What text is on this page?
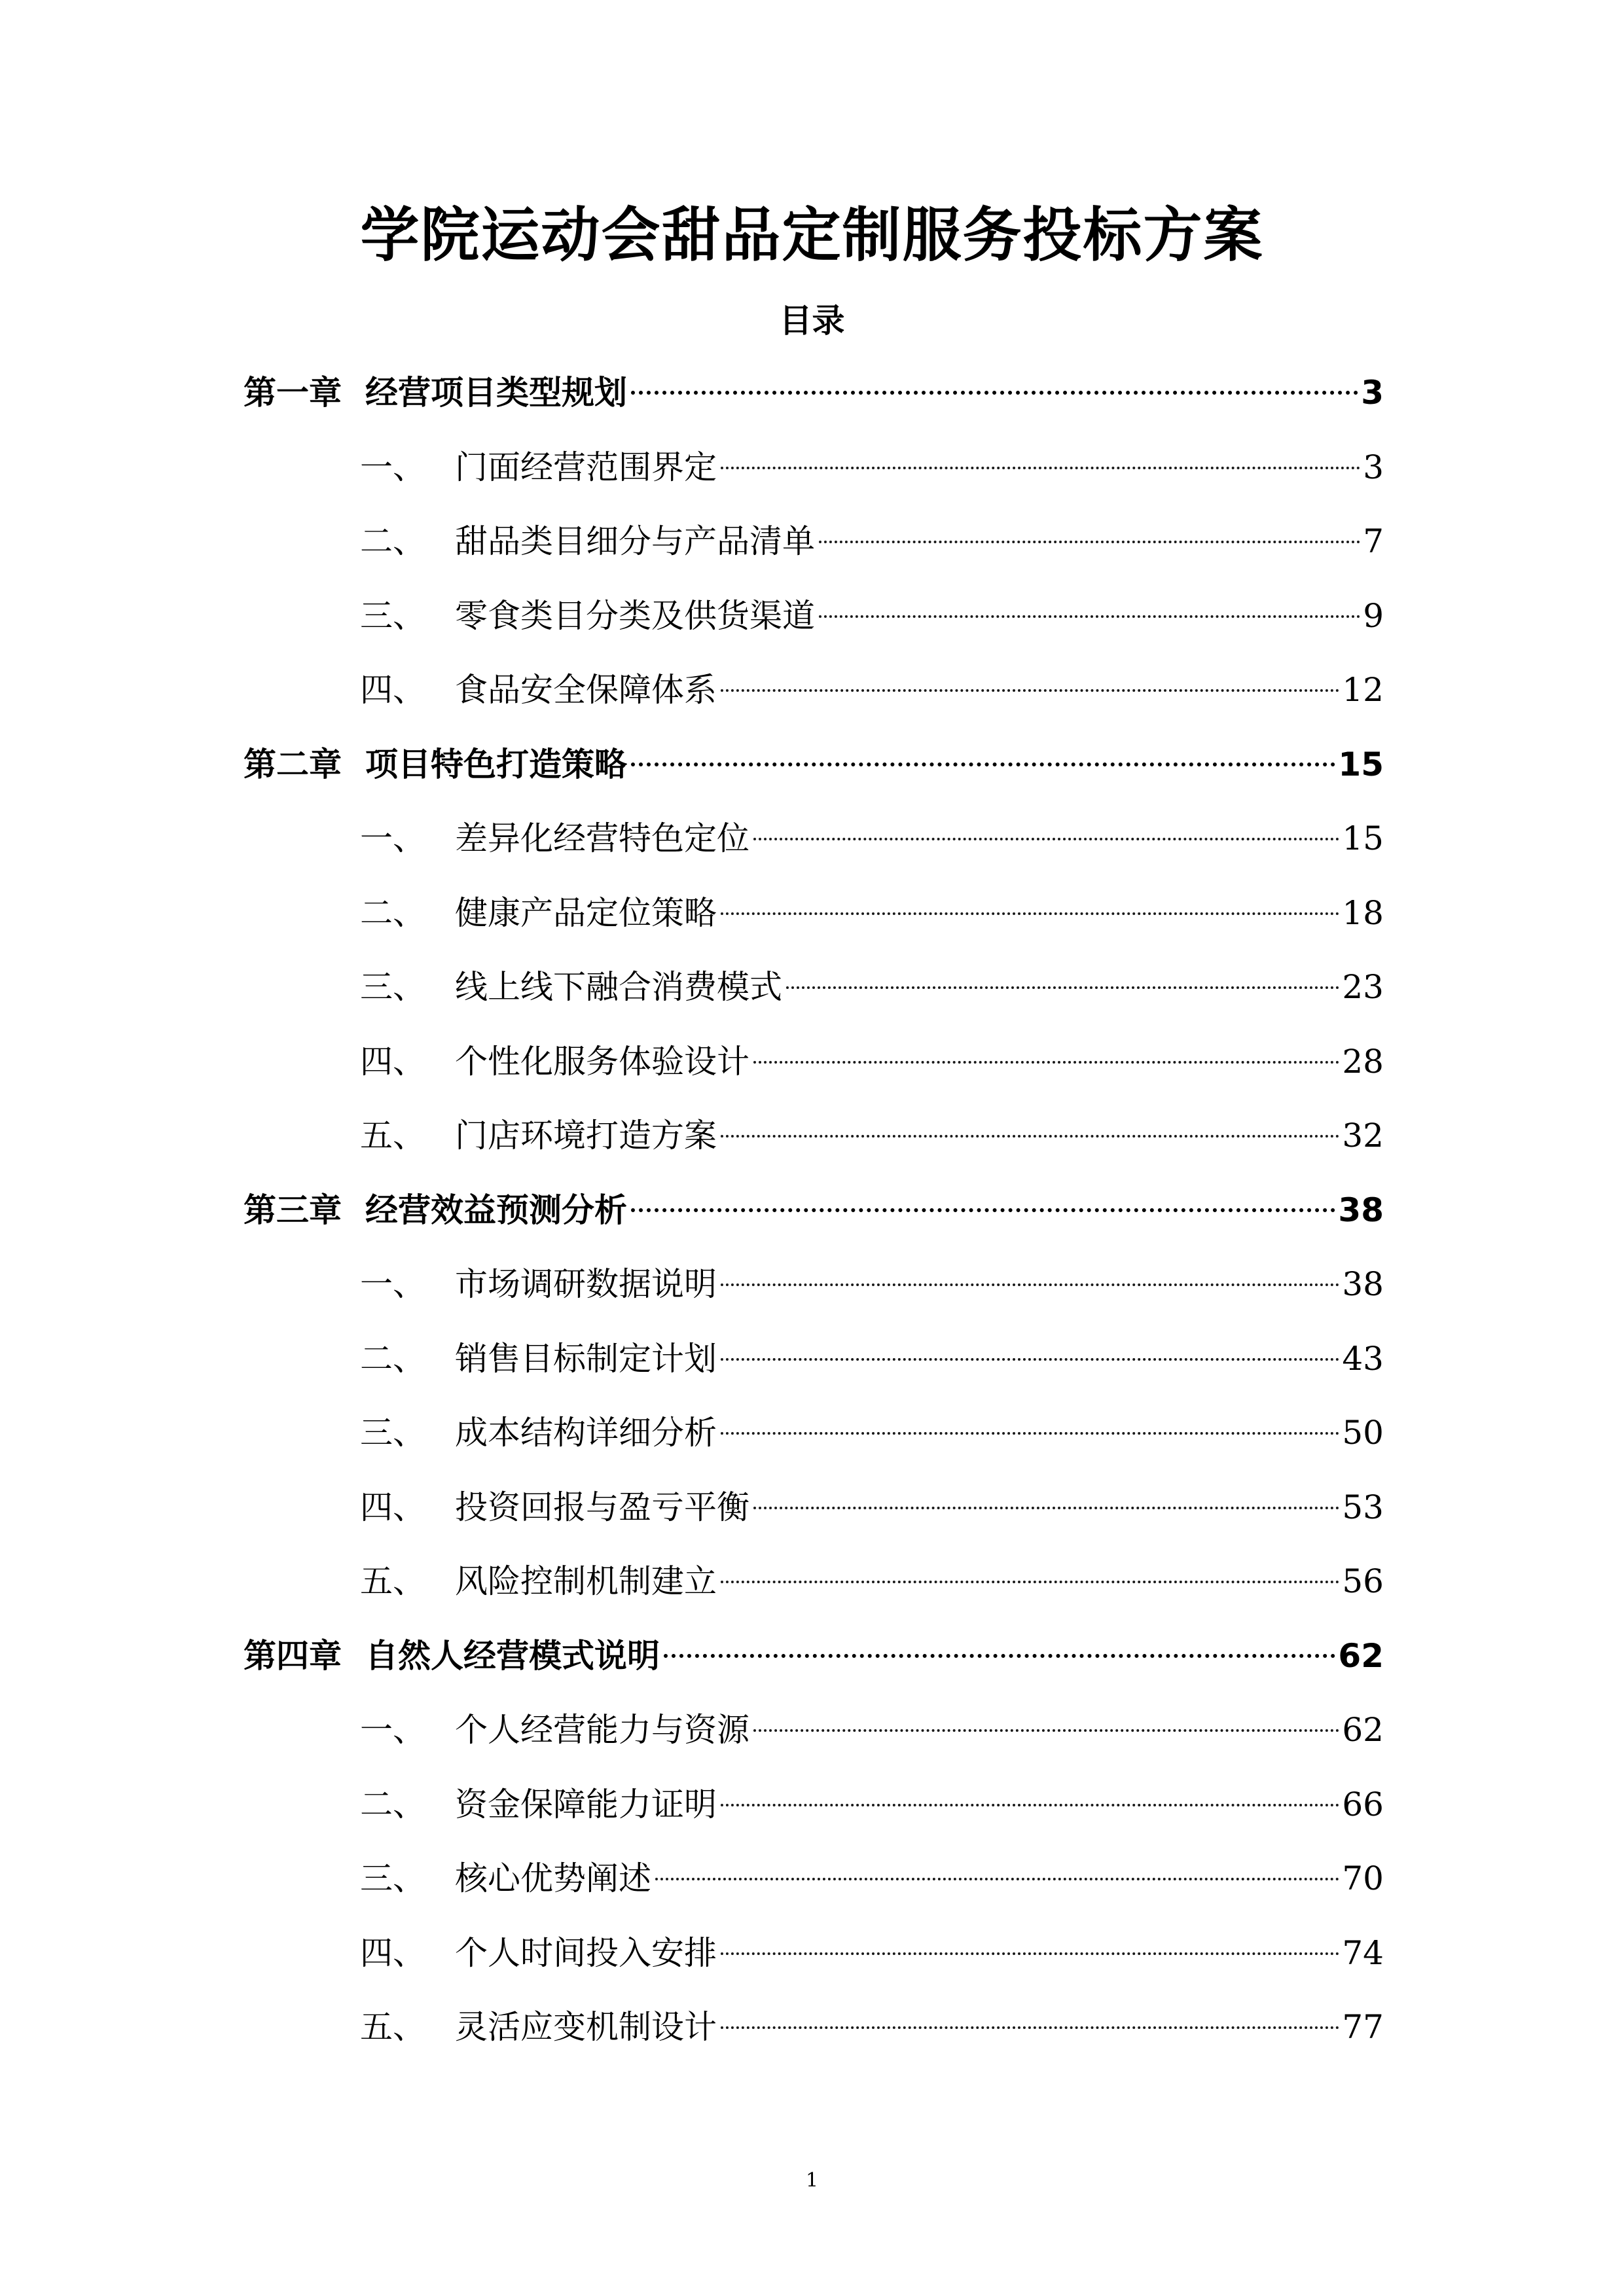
学院运动会甜品定制服务投标方案
目录
第一章 经营项目类型规划	3
一、 门面经营范围界定	3
二、 甜品类目细分与产品清单	7
三、 零食类目分类及供货渠道	9
四、 食品安全保障体系	12
第二章 项目特色打造策略	15
一、 差异化经营特色定位	15
二、 健康产品定位策略	18
三、 线上线下融合消费模式	23
四、 个性化服务体验设计	28
五、 门店环境打造方案	32
第三章 经营效益预测分析	38
一、 市场调研数据说明	38
二、 销售目标制定计划	43
三、 成本结构详细分析	50
四、 投资回报与盈亏平衡	53
五、 风险控制机制建立	56
第四章 自然人经营模式说明	62
一、 个人经营能力与资源	62
二、 资金保障能力证明	66
三、 核心优势阐述	70
四、 个人时间投入安排	74
五、 灵活应变机制设计	77
1
